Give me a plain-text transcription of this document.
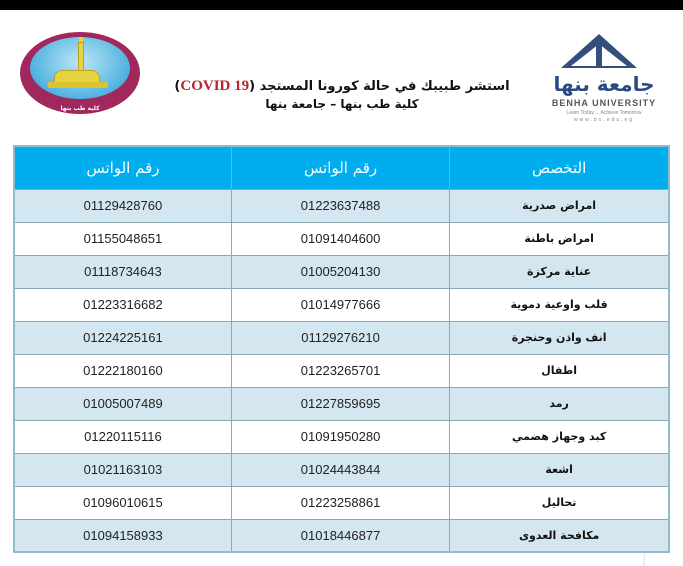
كلية طب بنها
استشر طبيبك في حالة كورونا المستجد (COVID 19)
كلية طب بنها – جامعة بنها
جامعة بنها
BENHA UNIVERSITY
Learn Today ... Achieve Tomorrow
www.bu.edu.eg
رقم الواتس	رقم الواتس	التخصص
01129428760	01223637488	امراض صدرية
01155048651	01091404600	امراض باطنة
01118734643	01005204130	عناية مركزة
01223316682	01014977666	قلب واوعية دموية
01224225161	01129276210	انف واذن وحنجرة
01222180160	01223265701	اطفال
01005007489	01227859695	رمد
01220115116	01091950280	كبد وجهاز هضمي
01021163103	01024443844	اشعة
01096010615	01223258861	تحاليل
01094158933	01018446877	مكافحة العدوى
